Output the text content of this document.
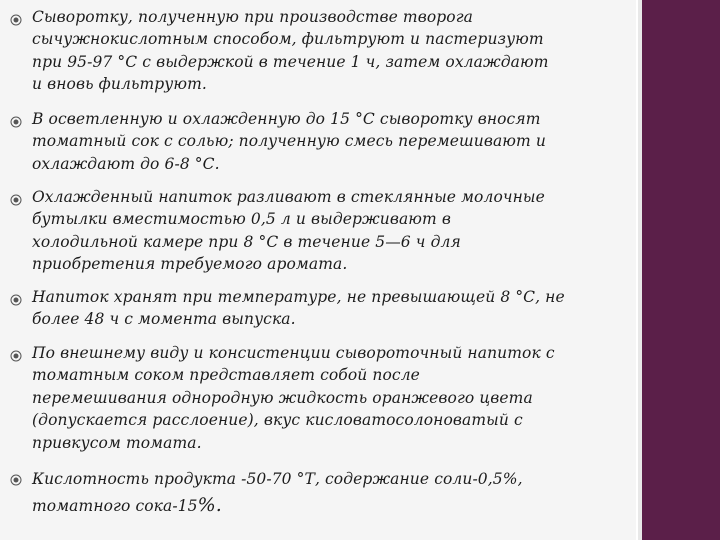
Сыворотку, полученную при производстве творога
сычужнокислотным способом, фильтруют и пастеризуют
при 95-97 °С с выдержкой в течение 1 ч, затем охлаждают
и вновь фильтруют.
В осветленную и охлажденную до 15 °С сыворотку вносят
томатный сок с солью; полученную смесь перемешивают и
охлаждают до 6-8 °С.
Охлажденный напиток разливают в стеклянные молочные
бутылки вместимостью 0,5 л и выдерживают в
холодильной камере при 8 °С в течение 5—6 ч для
приобретения требуемого аромата.
Напиток хранят при температуре, не превышающей 8 °С, не
более 48 ч с момента выпуска.
По внешнему виду и консистенции сывороточный напиток с
томатным соком представляет собой после
перемешивания однородную жидкость оранжевого цвета
(допускается расслоение), вкус кисловатосолоноватый с
привкусом томата.
Кислотность продукта -50-70 °Т, содержание соли-0,5%,
томатного сока-15%.
